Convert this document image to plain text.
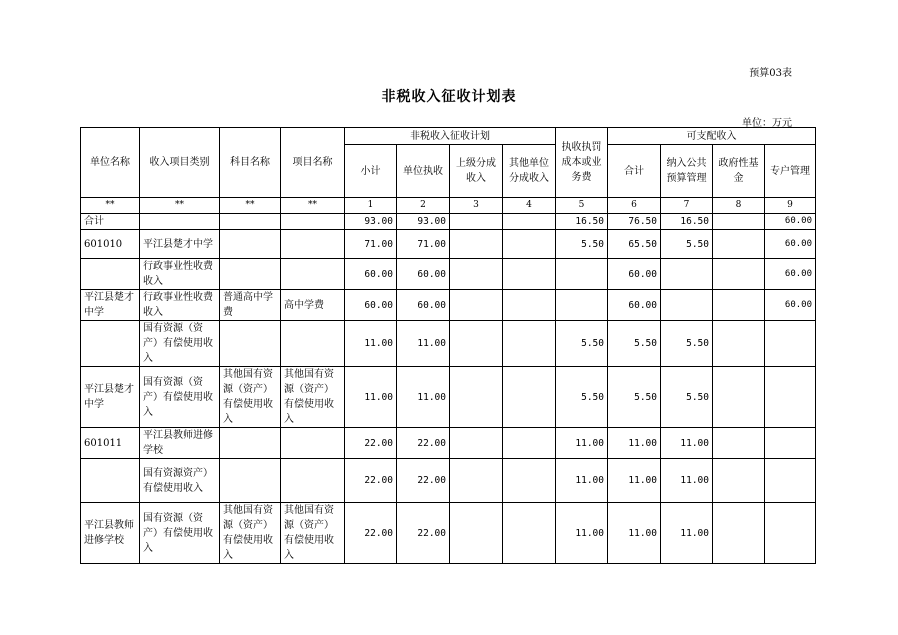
预算03表
非税收入征收计划表
单位：万元
单位名称	收入项目类别	科目名称	项目名称	非税收入征收计划				执收执罚成本或业务费	可支配收入			
				小计	单位执收	上级分成收入	其他单位分成收入		合计	纳入公共预算管理	政府性基金	专户管理
**	**	**	**	1	2	3	4	5	6	7	8	9
合计				93.00	93.00			16.50	76.50	16.50		60.00
601010	平江县楚才中学			71.00	71.00			5.50	65.50	5.50		60.00
	行政事业性收费收入			60.00	60.00				60.00			60.00
平江县楚才中学	行政事业性收费收入	普通高中学费	高中学费	60.00	60.00				60.00			60.00
	国有资源（资产）有偿使用收入			11.00	11.00			5.50	5.50	5.50		
平江县楚才中学	国有资源（资产）有偿使用收入	其他国有资源（资产）有偿使用收入	其他国有资源（资产）有偿使用收入	11.00	11.00			5.50	5.50	5.50		
601011	平江县教师进修学校			22.00	22.00			11.00	11.00	11.00		
	国有资源资产）有偿使用收入			22.00	22.00			11.00	11.00	11.00		
平江县教师进修学校	国有资源（资产）有偿使用收入	其他国有资源（资产）有偿使用收入	其他国有资源（资产）有偿使用收入	22.00	22.00			11.00	11.00	11.00		
